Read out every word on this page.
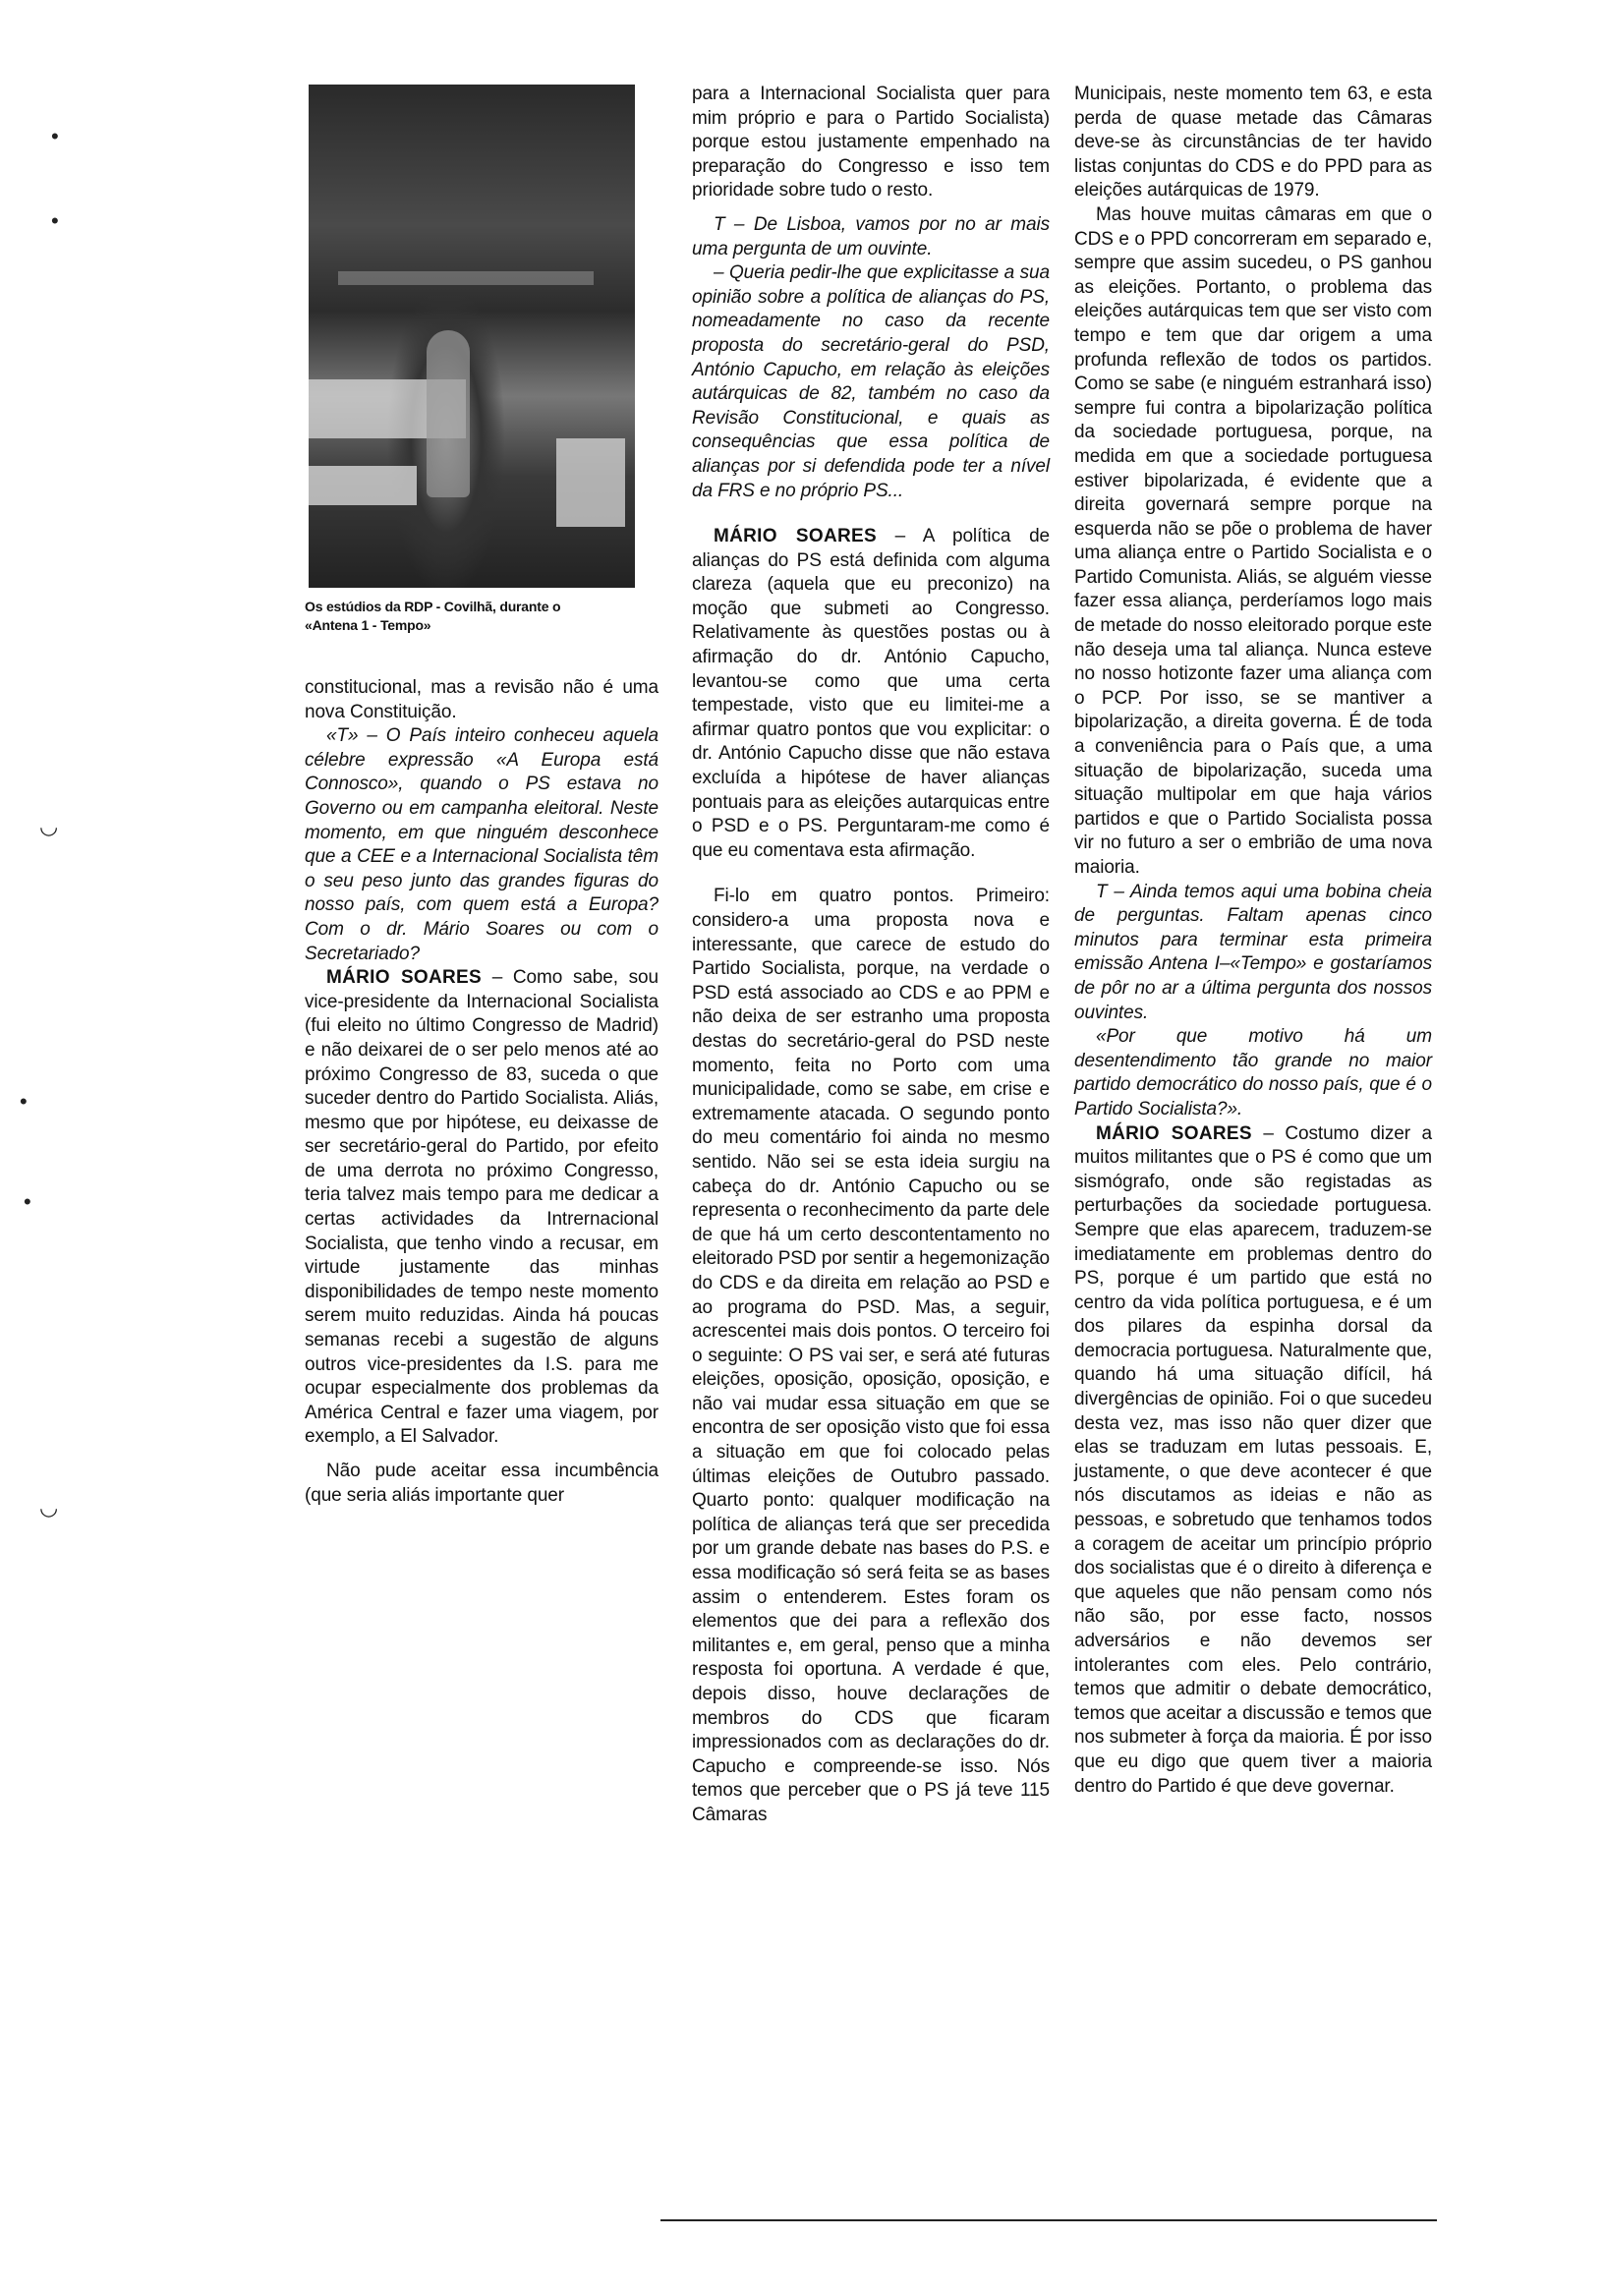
•
•
◡
◡
•
•
Os estúdios da RDP - Covilhã, durante o
«Antena 1 - Tempo»

constitucional, mas a revisão não é uma nova Constituição.

«T» – O País inteiro conheceu aquela célebre expressão «A Europa está Connosco», quando o PS estava no Governo ou em campanha eleitoral. Neste momento, em que ninguém desconhece que a CEE e a Internacional Socialista têm o seu peso junto das grandes figuras do nosso país, com quem está a Europa? Com o dr. Mário Soares ou com o Secretariado?

MÁRIO SOARES – Como sabe, sou vice-presidente da Internacional Socialista (fui eleito no último Congresso de Madrid) e não deixarei de o ser pelo menos até ao próximo Congresso de 83, suceda o que suceder dentro do Partido Socialista. Aliás, mesmo que por hipótese, eu deixasse de ser secretário-geral do Partido, por efeito de uma derrota no próximo Congresso, teria talvez mais tempo para me dedicar a certas actividades da Intrernacional Socialista, que tenho vindo a recusar, em virtude justamente das minhas disponibilidades de tempo neste momento serem muito reduzidas. Ainda há poucas semanas recebi a sugestão de alguns outros vice-presidentes da I.S. para me ocupar especialmente dos problemas da América Central e fazer uma viagem, por exemplo, a El Salvador.

Não pude aceitar essa incumbência (que seria aliás importante quer

para a Internacional Socialista quer para mim próprio e para o Partido Socialista) porque estou justamente empenhado na preparação do Congresso e isso tem prioridade sobre tudo o resto.

T – De Lisboa, vamos por no ar mais uma pergunta de um ouvinte.

– Queria pedir-lhe que explicitasse a sua opinião sobre a política de alianças do PS, nomeadamente no caso da recente proposta do secretário-geral do PSD, António Capucho, em relação às eleições autárquicas de 82, também no caso da Revisão Constitucional, e quais as consequências que essa política de alianças por si defendida pode ter a nível da FRS e no próprio PS...

MÁRIO SOARES – A política de alianças do PS está definida com alguma clareza (aquela que eu preconizo) na moção que submeti ao Congresso. Relativamente às questões postas ou à afirmação do dr. António Capucho, levantou-se como que uma certa tempestade, visto que eu limitei-me a afirmar quatro pontos que vou explicitar: o dr. António Capucho disse que não estava excluída a hipótese de haver alianças pontuais para as eleições autarquicas entre o PSD e o PS. Perguntaram-me como é que eu comentava esta afirmação.

Fi-lo em quatro pontos. Primeiro: considero-a uma proposta nova e interessante, que carece de estudo do Partido Socialista, porque, na verdade o PSD está associado ao CDS e ao PPM e não deixa de ser estranho uma proposta destas do secretário-geral do PSD neste momento, feita no Porto com uma municipalidade, como se sabe, em crise e extremamente atacada. O segundo ponto do meu comentário foi ainda no mesmo sentido. Não sei se esta ideia surgiu na cabeça do dr. António Capucho ou se representa o reconhecimento da parte dele de que há um certo descontentamento no eleitorado PSD por sentir a hegemonização do CDS e da direita em relação ao PSD e ao programa do PSD. Mas, a seguir, acrescentei mais dois pontos. O terceiro foi o seguinte: O PS vai ser, e será até futuras eleições, oposição, oposição, oposição, e não vai mudar essa situação em que se encontra de ser oposição visto que foi essa a situação em que foi colocado pelas últimas eleições de Outubro passado. Quarto ponto: qualquer modificação na política de alianças terá que ser precedida por um grande debate nas bases do P.S. e essa modificação só será feita se as bases assim o entenderem. Estes foram os elementos que dei para a reflexão dos militantes e, em geral, penso que a minha resposta foi oportuna. A verdade é que, depois disso, houve declarações de membros do CDS que ficaram impressionados com as declarações do dr. Capucho e compreende-se isso. Nós temos que perceber que o PS já teve 115 Câmaras

Municipais, neste momento tem 63, e esta perda de quase metade das Câmaras deve-se às circunstâncias de ter havido listas conjuntas do CDS e do PPD para as eleições autárquicas de 1979.

Mas houve muitas câmaras em que o CDS e o PPD concorreram em separado e, sempre que assim sucedeu, o PS ganhou as eleições. Portanto, o problema das eleições autárquicas tem que ser visto com tempo e tem que dar origem a uma profunda reflexão de todos os partidos. Como se sabe (e ninguém estranhará isso) sempre fui contra a bipolarização política da sociedade portuguesa, porque, na medida em que a sociedade portuguesa estiver bipolarizada, é evidente que a direita governará sempre porque na esquerda não se põe o problema de haver uma aliança entre o Partido Socialista e o Partido Comunista. Aliás, se alguém viesse fazer essa aliança, perderíamos logo mais de metade do nosso eleitorado porque este não deseja uma tal aliança. Nunca esteve no nosso hotizonte fazer uma aliança com o PCP. Por isso, se se mantiver a bipolarização, a direita governa. É de toda a conveniência para o País que, a uma situação de bipolarização, suceda uma situação multipolar em que haja vários partidos e que o Partido Socialista possa vir no futuro a ser o embrião de uma nova maioria.

T – Ainda temos aqui uma bobina cheia de perguntas. Faltam apenas cinco minutos para terminar esta primeira emissão Antena I–«Tempo» e gostaríamos de pôr no ar a última pergunta dos nossos ouvintes.

«Por que motivo há um desentendimento tão grande no maior partido democrático do nosso país, que é o Partido Socialista?».

MÁRIO SOARES – Costumo dizer a muitos militantes que o PS é como que um sismógrafo, onde são registadas as perturbações da sociedade portuguesa. Sempre que elas aparecem, traduzem-se imediatamente em problemas dentro do PS, porque é um partido que está no centro da vida política portuguesa, e é um dos pilares da espinha dorsal da democracia portuguesa. Naturalmente que, quando há uma situação difícil, há divergências de opinião. Foi o que sucedeu desta vez, mas isso não quer dizer que elas se traduzam em lutas pessoais. E, justamente, o que deve acontecer é que nós discutamos as ideias e não as pessoas, e sobretudo que tenhamos todos a coragem de aceitar um princípio próprio dos socialistas que é o direito à diferença e que aqueles que não pensam como nós não são, por esse facto, nossos adversários e não devemos ser intolerantes com eles. Pelo contrário, temos que admitir o debate democrático, temos que aceitar a discussão e temos que nos submeter à força da maioria. É por isso que eu digo que quem tiver a maioria dentro do Partido é que deve governar.
